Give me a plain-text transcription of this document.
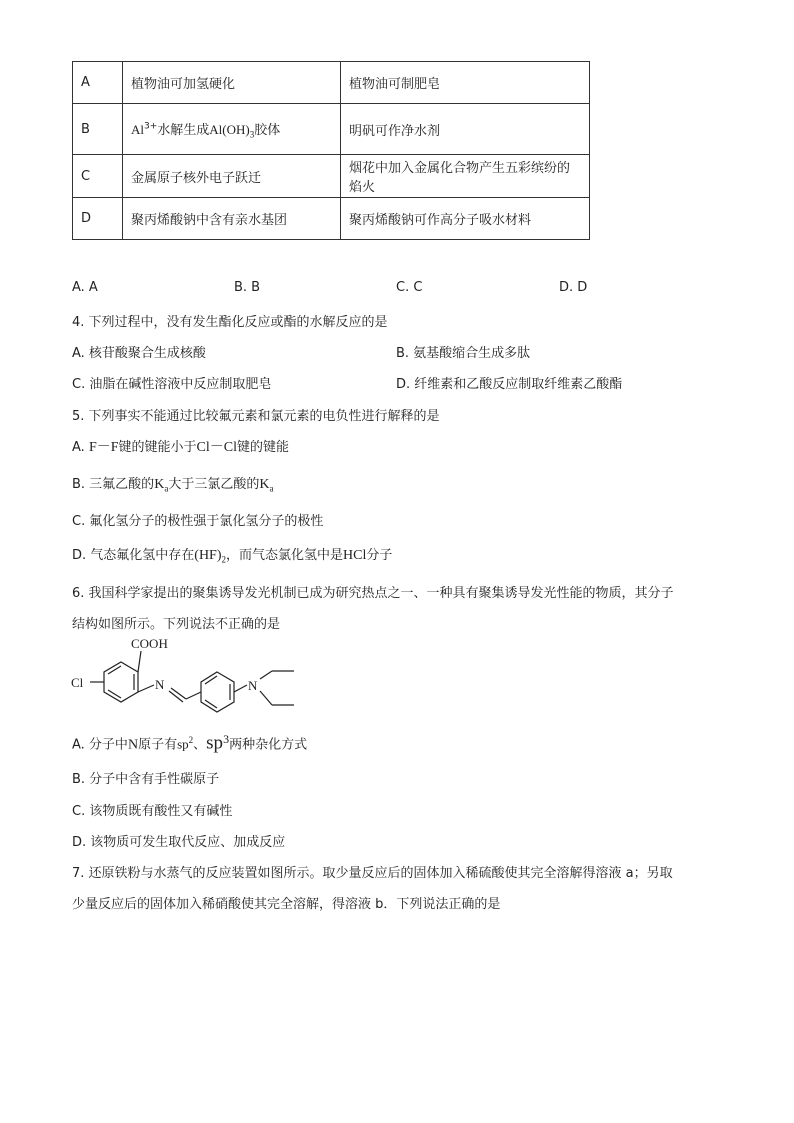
A	植物油可加氢硬化	植物油可制肥皂
B	$Al^{3+}$水解生成$Al(OH)_3$胶体	明矾可作净水剂
C	金属原子核外电子跃迁	烟花中加入金属化合物产生五彩缤纷的焰火
D	聚丙烯酸钠中含有亲水基团	聚丙烯酸钠可作高分子吸水材料
A. A	B. B	C. C	D. D
4. 下列过程中，没有发生酯化反应或酯的水解反应的是
A. 核苷酸聚合生成核酸	B. 氨基酸缩合生成多肽
C. 油脂在碱性溶液中反应制取肥皂	D. 纤维素和乙酸反应制取纤维素乙酸酯
5. 下列事实不能通过比较氟元素和氯元素的电负性进行解释的是
A. F－F键的键能小于Cl－Cl键的键能
B. 三氟乙酸的$K_a$大于三氯乙酸的$K_a$
C. 氟化氢分子的极性强于氯化氢分子的极性
D. 气态氟化氢中存在$(HF)_2$，而气态氯化氢中是HCl分子
6. 我国科学家提出的聚集诱导发光机制已成为研究热点之一、一种具有聚集诱导发光性能的物质，其分子
结构如图所示。下列说法不正确的是
COOH
Cl	N	N
A. 分子中N原子有$sp^2$、$sp^3$两种杂化方式
B. 分子中含有手性碳原子
C. 该物质既有酸性又有碱性
D. 该物质可发生取代反应、加成反应
7. 还原铁粉与水蒸气的反应装置如图所示。取少量反应后的固体加入稀硫酸使其完全溶解得溶液 a；另取
少量反应后的固体加入稀硝酸使其完全溶解，得溶液 b．下列说法正确的是
